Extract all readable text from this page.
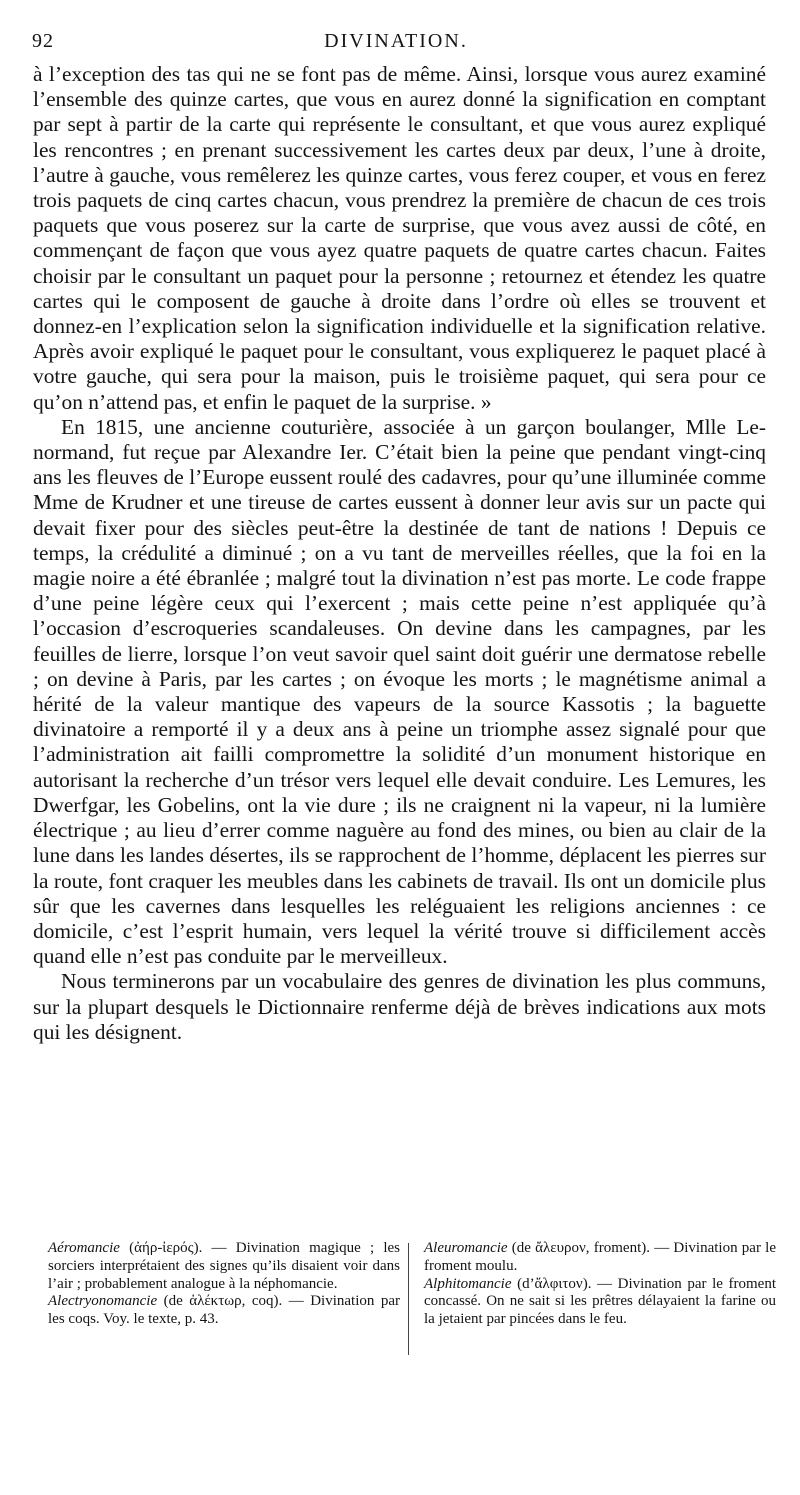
92	DIVINATION.

à l’exception des tas qui ne se font pas de même. Ainsi, lorsque vous aurez examiné l’ensemble des quinze cartes, que vous en aurez donné la signification en comptant par sept à partir de la carte qui représente le consultant, et que vous aurez expliqué les rencontres ; en prenant successivement les cartes deux par deux, l’une à droite, l’autre à gauche, vous remêlerez les quinze cartes, vous ferez couper, et vous en ferez trois paquets de cinq cartes chacun, vous prendrez la première de chacun de ces trois paquets que vous poserez sur la carte de surprise, que vous avez aussi de côté, en commençant de façon que vous ayez quatre paquets de quatre cartes chacun. Faites choisir par le consultant un paquet pour la personne ; retournez et étendez les quatre cartes qui le composent de gauche à droite dans l’ordre où elles se trouvent et donnez-en l’explication selon la signification individuelle et la signification relative. Après avoir expliqué le paquet pour le consultant, vous expliquerez le paquet placé à votre gauche, qui sera pour la maison, puis le troisième paquet, qui sera pour ce qu’on n’attend pas, et enfin le paquet de la surprise. »

En 1815, une ancienne couturière, associée à un garçon boulanger, Mlle Lenormand, fut reçue par Alexandre Ier. C’était bien la peine que pendant vingt-cinq ans les fleuves de l’Europe eussent roulé des cadavres, pour qu’une illuminée comme Mme de Krudner et une tireuse de cartes eussent à donner leur avis sur un pacte qui devait fixer pour des siècles peut-être la destinée de tant de nations ! Depuis ce temps, la crédulité a diminué ; on a vu tant de merveilles réelles, que la foi en la magie noire a été ébranlée ; malgré tout la divination n’est pas morte. Le code frappe d’une peine légère ceux qui l’exercent ; mais cette peine n’est appliquée qu’à l’occasion d’escroqueries scandaleuses. On devine dans les campagnes, par les feuilles de lierre, lorsque l’on veut savoir quel saint doit guérir une dermatose rebelle ; on devine à Paris, par les cartes ; on évoque les morts ; le magnétisme animal a hérité de la valeur mantique des vapeurs de la source Kassotis ; la baguette divinatoire a remporté il y a deux ans à peine un triomphe assez signalé pour que l’administration ait failli compromettre la solidité d’un monument historique en autorisant la recherche d’un trésor vers lequel elle devait conduire. Les Lemures, les Dwerfgar, les Gobelins, ont la vie dure ; ils ne craignent ni la vapeur, ni la lumière électrique ; au lieu d’errer comme naguère au fond des mines, ou bien au clair de la lune dans les landes désertes, ils se rapprochent de l’homme, déplacent les pierres sur la route, font craquer les meubles dans les cabinets de travail. Ils ont un domicile plus sûr que les cavernes dans lesquelles les reléguaient les religions anciennes : ce domicile, c’est l’esprit humain, vers lequel la vérité trouve si difficilement accès quand elle n’est pas conduite par le merveilleux.

Nous terminerons par un vocabulaire des genres de divination les plus communs, sur la plupart desquels le Dictionnaire renferme déjà de brèves indications aux mots qui les désignent.

Aéromancie (ἀήρ-ἰερός). — Divination magique ; les sorciers interprétaient des signes qu’ils disaient voir dans l’air ; probablement analogue à la néphomancie.

Alectryonomancie (de ἀλέκτωρ, coq). — Divination par les coqs. Voy. le texte, p. 43.

Aleuromancie (de ἄλευρον, froment). — Divination par le froment moulu.

Alphitomancie (d’ἄλφιτον). — Divination par le froment concassé. On ne sait si les prêtres délayaient la farine ou la jetaient par pincées dans le feu.
